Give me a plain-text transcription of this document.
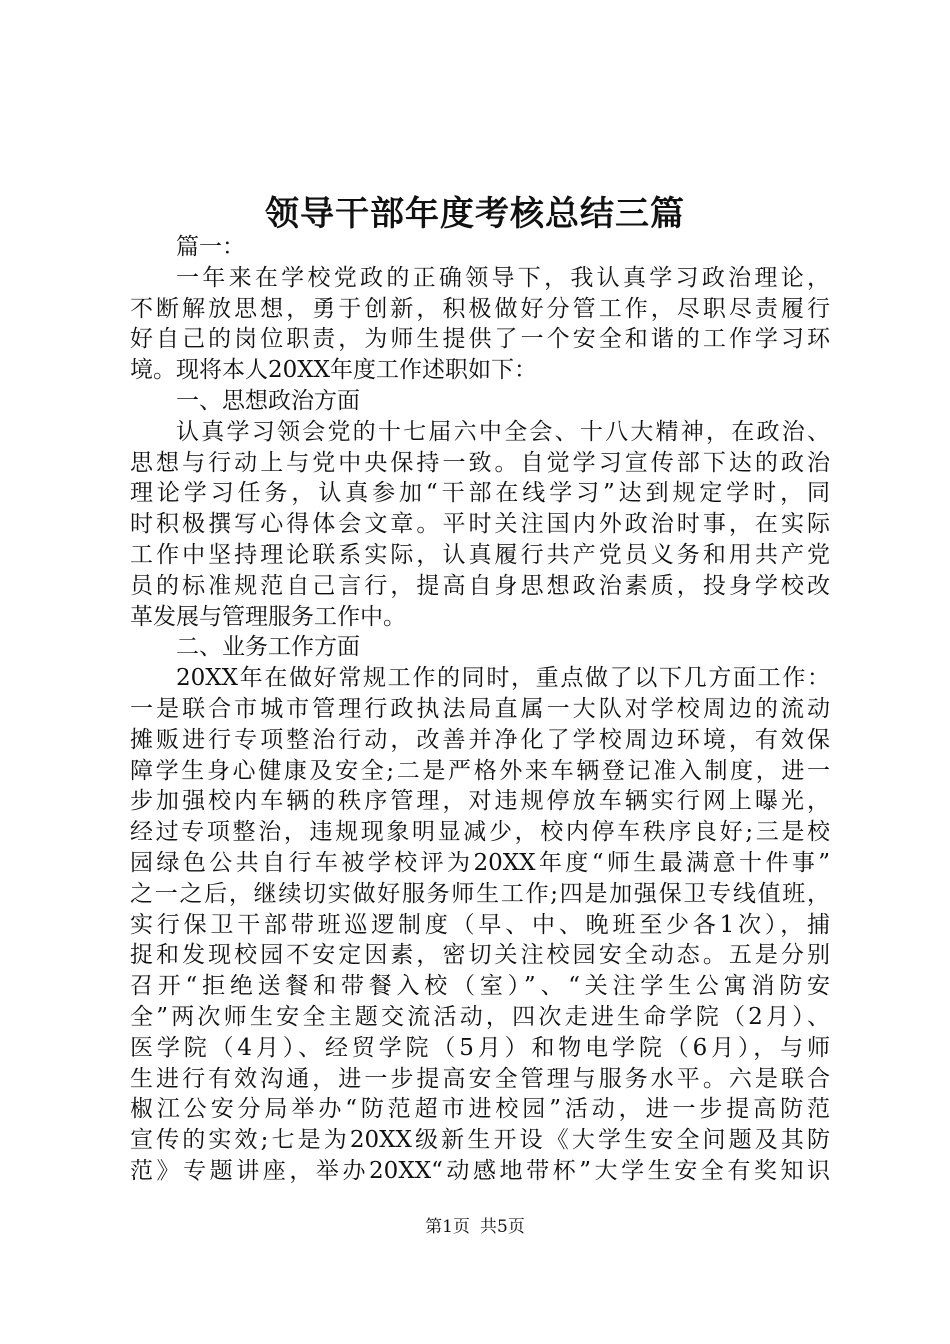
领导干部年度考核总结三篇
篇一：
一年来在学校党政的正确领导下，我认真学习政治理论，
不断解放思想，勇于创新，积极做好分管工作，尽职尽责履行
好自己的岗位职责，为师生提供了一个安全和谐的工作学习环
境。现将本人20XX年度工作述职如下：
一、思想政治方面
认真学习领会党的十七届六中全会、十八大精神，在政治、
思想与行动上与党中央保持一致。自觉学习宣传部下达的政治
理论学习任务，认真参加“干部在线学习”达到规定学时，同
时积极撰写心得体会文章。平时关注国内外政治时事，在实际
工作中坚持理论联系实际，认真履行共产党员义务和用共产党
员的标准规范自己言行，提高自身思想政治素质，投身学校改
革发展与管理服务工作中。
二、业务工作方面
20XX年在做好常规工作的同时，重点做了以下几方面工作：
一是联合市城市管理行政执法局直属一大队对学校周边的流动
摊贩进行专项整治行动，改善并净化了学校周边环境，有效保
障学生身心健康及安全;二是严格外来车辆登记准入制度，进一
步加强校内车辆的秩序管理，对违规停放车辆实行网上曝光，
经过专项整治，违规现象明显减少，校内停车秩序良好;三是校
园绿色公共自行车被学校评为20XX年度“师生最满意十件事”
之一之后，继续切实做好服务师生工作;四是加强保卫专线值班，
实行保卫干部带班巡逻制度（早、中、晚班至少各1次），捕
捉和发现校园不安定因素，密切关注校园安全动态。五是分别
召开“拒绝送餐和带餐入校（室）”、“关注学生公寓消防安
全”两次师生安全主题交流活动，四次走进生命学院（2月）、
医学院（4月）、经贸学院（5月）和物电学院（6月），与师
生进行有效沟通，进一步提高安全管理与服务水平。六是联合
椒江公安分局举办“防范超市进校园”活动，进一步提高防范
宣传的实效;七是为20XX级新生开设《大学生安全问题及其防
范》专题讲座，举办20XX“动感地带杯”大学生安全有奖知识
第1页 共5页
